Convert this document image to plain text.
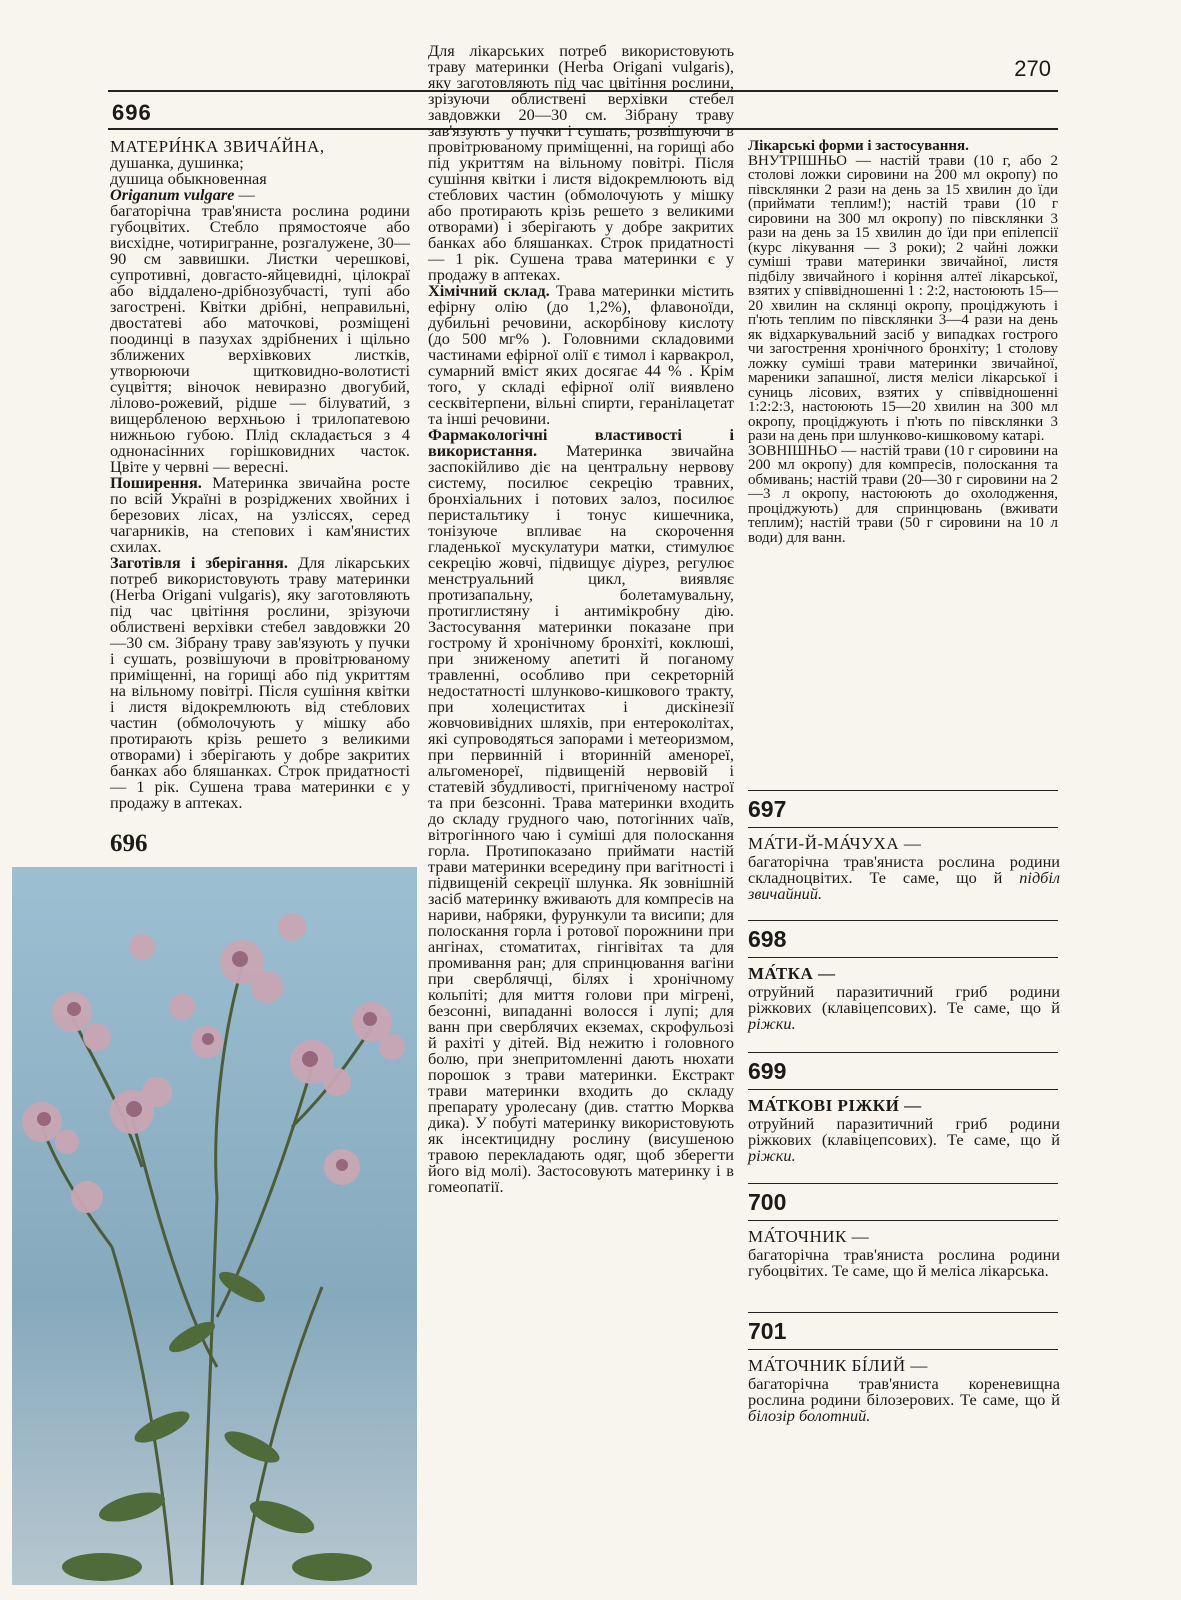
270
696
МАТЕРИ́НКА ЗВИЧА́ЙНА,
душанка, душинка;
душица обыкновенная
Origanum vulgare —

багаторічна трав'яниста рослина родини губоцвітих. Стебло прямостояче або висхідне, чотиригранне, розгалужене, 30—90 см заввишки. Листки черешкові, супротивні, довгасто-яйцевидні, цілокраї або віддалено-дрібнозубчасті, тупі або загострені. Квітки дрібні, неправильні, двостатеві або маточкові, розміщені поодинці в пазухах здрібнених і щільно зближених верхівкових листків, утворюючи щитковидно-волотисті суцвіття; віночок невиразно двогубий, лілово-рожевий, рідше — білуватий, з вищербленою верхньою і трилопатевою нижньою губою. Плід складається з 4 однонасінних горішковидних часток. Цвіте у червні — вересні.

Поширення. Материнка звичайна росте по всій Україні в розріджених хвойних і березових лісах, на узліссях, серед чагарників, на степових і кам'янистих схилах.

Заготівля і зберігання. Для лікарських потреб використовують траву материнки (Herba Origani vulgaris), яку заготовляють під час цвітіння рослини, зрізуючи облиствені верхівки стебел завдовжки 20—30 см. Зібрану траву зав'язують у пучки і сушать, розвішуючи в провітрюваному приміщенні, на горищі або під укриттям на вільному повітрі. Після сушіння квітки і листя відокремлюють від стеблових частин (обмолочують у мішку або протирають крізь решето з великими отворами) і зберігають у добре закритих банках або бляшанках. Строк придатності — 1 рік. Сушена трава материнки є у продажу в аптеках.

696

Для лікарських потреб використовують траву материнки (Herba Origani vulgaris), яку заготовляють під час цвітіння рослини, зрізуючи облиствені верхівки стебел завдовжки 20—30 см. Зібрану траву зав'язують у пучки і сушать, розвішуючи в провітрюваному приміщенні, на горищі або під укриттям на вільному повітрі. Після сушіння квітки і листя відокремлюють від стеблових частин (обмолочують у мішку або протирають крізь решето з великими отворами) і зберігають у добре закритих банках або бляшанках. Строк придатності — 1 рік. Сушена трава материнки є у продажу в аптеках.

Хімічний склад. Трава материнки містить ефірну олію (до 1,2%), флавоноїди, дубильні речовини, аскорбінову кислоту (до 500 мг% ). Головними складовими частинами ефірної олії є тимол і карвакрол, сумарний вміст яких досягає 44 % . Крім того, у складі ефірної олії виявлено сесквітерпени, вільні спирти, геранілацетат та інші речовини.

Фармакологічні властивості і використання. Материнка звичайна заспокійливо діє на центральну нервову систему, посилює секрецію травних, бронхіальних і потових залоз, посилює перистальтику і тонус кишечника, тонізуюче впливає на скорочення гладенької мускулатури матки, стимулює секрецію жовчі, підвищує діурез, регулює менструальний цикл, виявляє протизапальну, болетамувальну, протиглистяну і антимікробну дію. Застосування материнки показане при гострому й хронічному бронхіті, коклюші, при зниженому апетиті й поганому травленні, особливо при секреторній недостатності шлунково-кишкового тракту, при холециститах і дискінезії жовчовивідних шляхів, при ентероколітах, які супроводяться запорами і метеоризмом, при первинній і вторинній аменореї, альгоменореї, підвищеній нервовій і статевій збудливості, пригніченому настрої та при безсонні. Трава материнки входить до складу грудного чаю, потогінних чаїв, вітрогінного чаю і суміші для полоскання горла. Протипоказано приймати настій трави материнки всередину при вагітності і підвищеній секреції шлунка. Як зовнішній засіб материнку вживають для компресів на нариви, набряки, фурункули та висипи; для полоскання горла і ротової порожнини при ангінах, стоматитах, гінгівітах та для промивання ран; для спринцювання вагіни при сверблячці, білях і хронічному кольпіті; для миття голови при мігрені, безсонні, випаданні волосся і лупі; для ванн при сверблячих екземах, скрофульозі й рахіті у дітей. Від нежитю і головного болю, при знепритомленні дають нюхати порошок з трави материнки. Екстракт трави материнки входить до складу препарату уролесану (див. статтю Морква дика). У побуті материнку використовують як інсектицидну рослину (висушеною травою перекладають одяг, щоб зберегти його від молі). Застосовують материнку і в гомеопатії.

Лікарські форми і застосування.

ВНУТРІШНЬО — настій трави (10 г, або 2 столові ложки сировини на 200 мл окропу) по півсклянки 2 рази на день за 15 хвилин до їди (приймати теплим!); настій трави (10 г сировини на 300 мл окропу) по півсклянки 3 рази на день за 15 хвилин до їди при епілепсії (курс лікування — 3 роки); 2 чайні ложки суміші трави материнки звичайної, листя підбілу звичайного і коріння алтеї лікарської, взятих у співвідношенні 1 : 2:2, настоюють 15—20 хвилин на склянці окропу, проціджують і п'ють теплим по півсклянки 3—4 рази на день як відхаркувальний засіб у випадках гострого чи загострення хронічного бронхіту; 1 столову ложку суміші трави материнки звичайної, мареники запашної, листя меліси лікарської і суниць лісових, взятих у співвідношенні 1:2:2:3, настоюють 15—20 хвилин на 300 мл окропу, проціджують і п'ють по півсклянки 3 рази на день при шлунково-кишковому катарі.

ЗОВНІШНЬО — настій трави (10 г сировини на 200 мл окропу) для компресів, полоскання та обмивань; настій трави (20—30 г сировини на 2—3 л окропу, настоюють до охолодження, проціджують) для спринцювань (вживати теплим); настій трави (50 г сировини на 10 л води) для ванн.

697
МА́ТИ-Й-МА́ЧУХА —
багаторічна трав'яниста рослина родини складноцвітих. Те саме, що й підбіл звичайний.
698
МА́ТКА —
отруйний паразитичний гриб родини ріжкових (клавіцепсових). Те саме, що й ріжки.
699
МА́ТКОВІ РІЖКИ́ —
отруйний паразитичний гриб родини ріжкових (клавіцепсових). Те саме, що й ріжки.
700
МА́ТОЧНИК —
багаторічна трав'яниста рослина родини губоцвітих. Те саме, що й меліса лікарська.
701
МА́ТОЧНИК БІ́ЛИЙ —
багаторічна трав'яниста кореневищна рослина родини білозерових. Те саме, що й білозір болотний.
